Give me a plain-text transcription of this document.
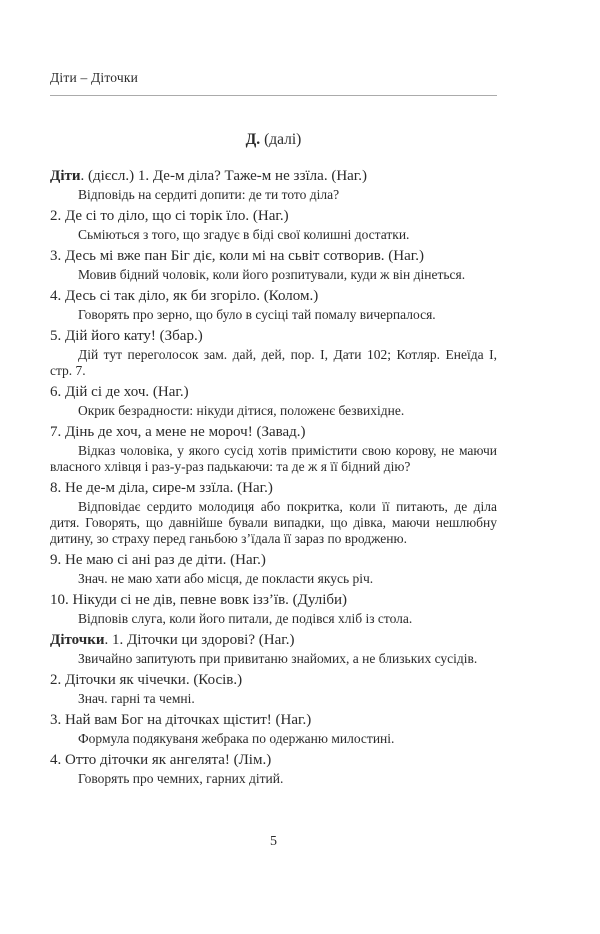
Діти – Діточки

Д. (далі)

Діти. (дієсл.) 1. Де-м діла? Таже-м не ззїла. (Наг.)

Відповідь на сердиті допити: де ти тото діла?

2. Де сі то діло, що сі торік їло. (Наг.)

Сьміються з того, що згадує в біді свої колишні достатки.

3. Десь мі вже пан Біг діє, коли мі на сьвіт сотворив. (Наг.)

Мовив бідний чоловік, коли його розпитували, куди ж він дінеться.

4. Десь сі так діло, як би згоріло. (Колом.)

Говорять про зерно, що було в сусіці тай помалу вичерпалося.

5. Дій його кату! (Збар.)

Дій тут переголосок зам. дай, дей, пор. І, Дати 102; Котляр. Енеїда І, стр. 7.

6. Дій сі де хоч. (Наг.)

Окрик безрадности: нікуди дітися, положенє безвихідне.

7. Дінь де хоч, а мене не мороч! (Завад.)

Відказ чоловіка, у якого сусід хотів примістити свою корову, не маючи власного хлівця і раз-у-раз падькаючи: та де ж я її бідний дію?

8. Не де-м діла, сире-м ззїла. (Наг.)

Відповідає сердито молодиця або покритка, коли її питають, де діла дитя. Говорять, що давнійше бували випадки, що дівка, маючи нешлюбну дитину, зо страху перед ганьбою з’їдала її зараз по вродженю.

9. Не маю сі ані раз де діти. (Наг.)

Знач. не маю хати або місця, де покласти якусь річ.

10. Нікуди сі не дів, певне вовк ізз’їв. (Дуліби)

Відповів слуга, коли його питали, де подівся хліб із стола.

Діточки. 1. Діточки ци здорові? (Наг.)

Звичайно запитують при привитаню знайомих, а не близьких сусідів.

2. Діточки як чічечки. (Косів.)

Знач. гарні та чемні.

3. Най вам Бог на діточках щістит! (Наг.)

Формула подякуваня жебрака по одержаню милостині.

4. Отто діточки як ангелята! (Лім.)

Говорять про чемних, гарних дітий.

5
